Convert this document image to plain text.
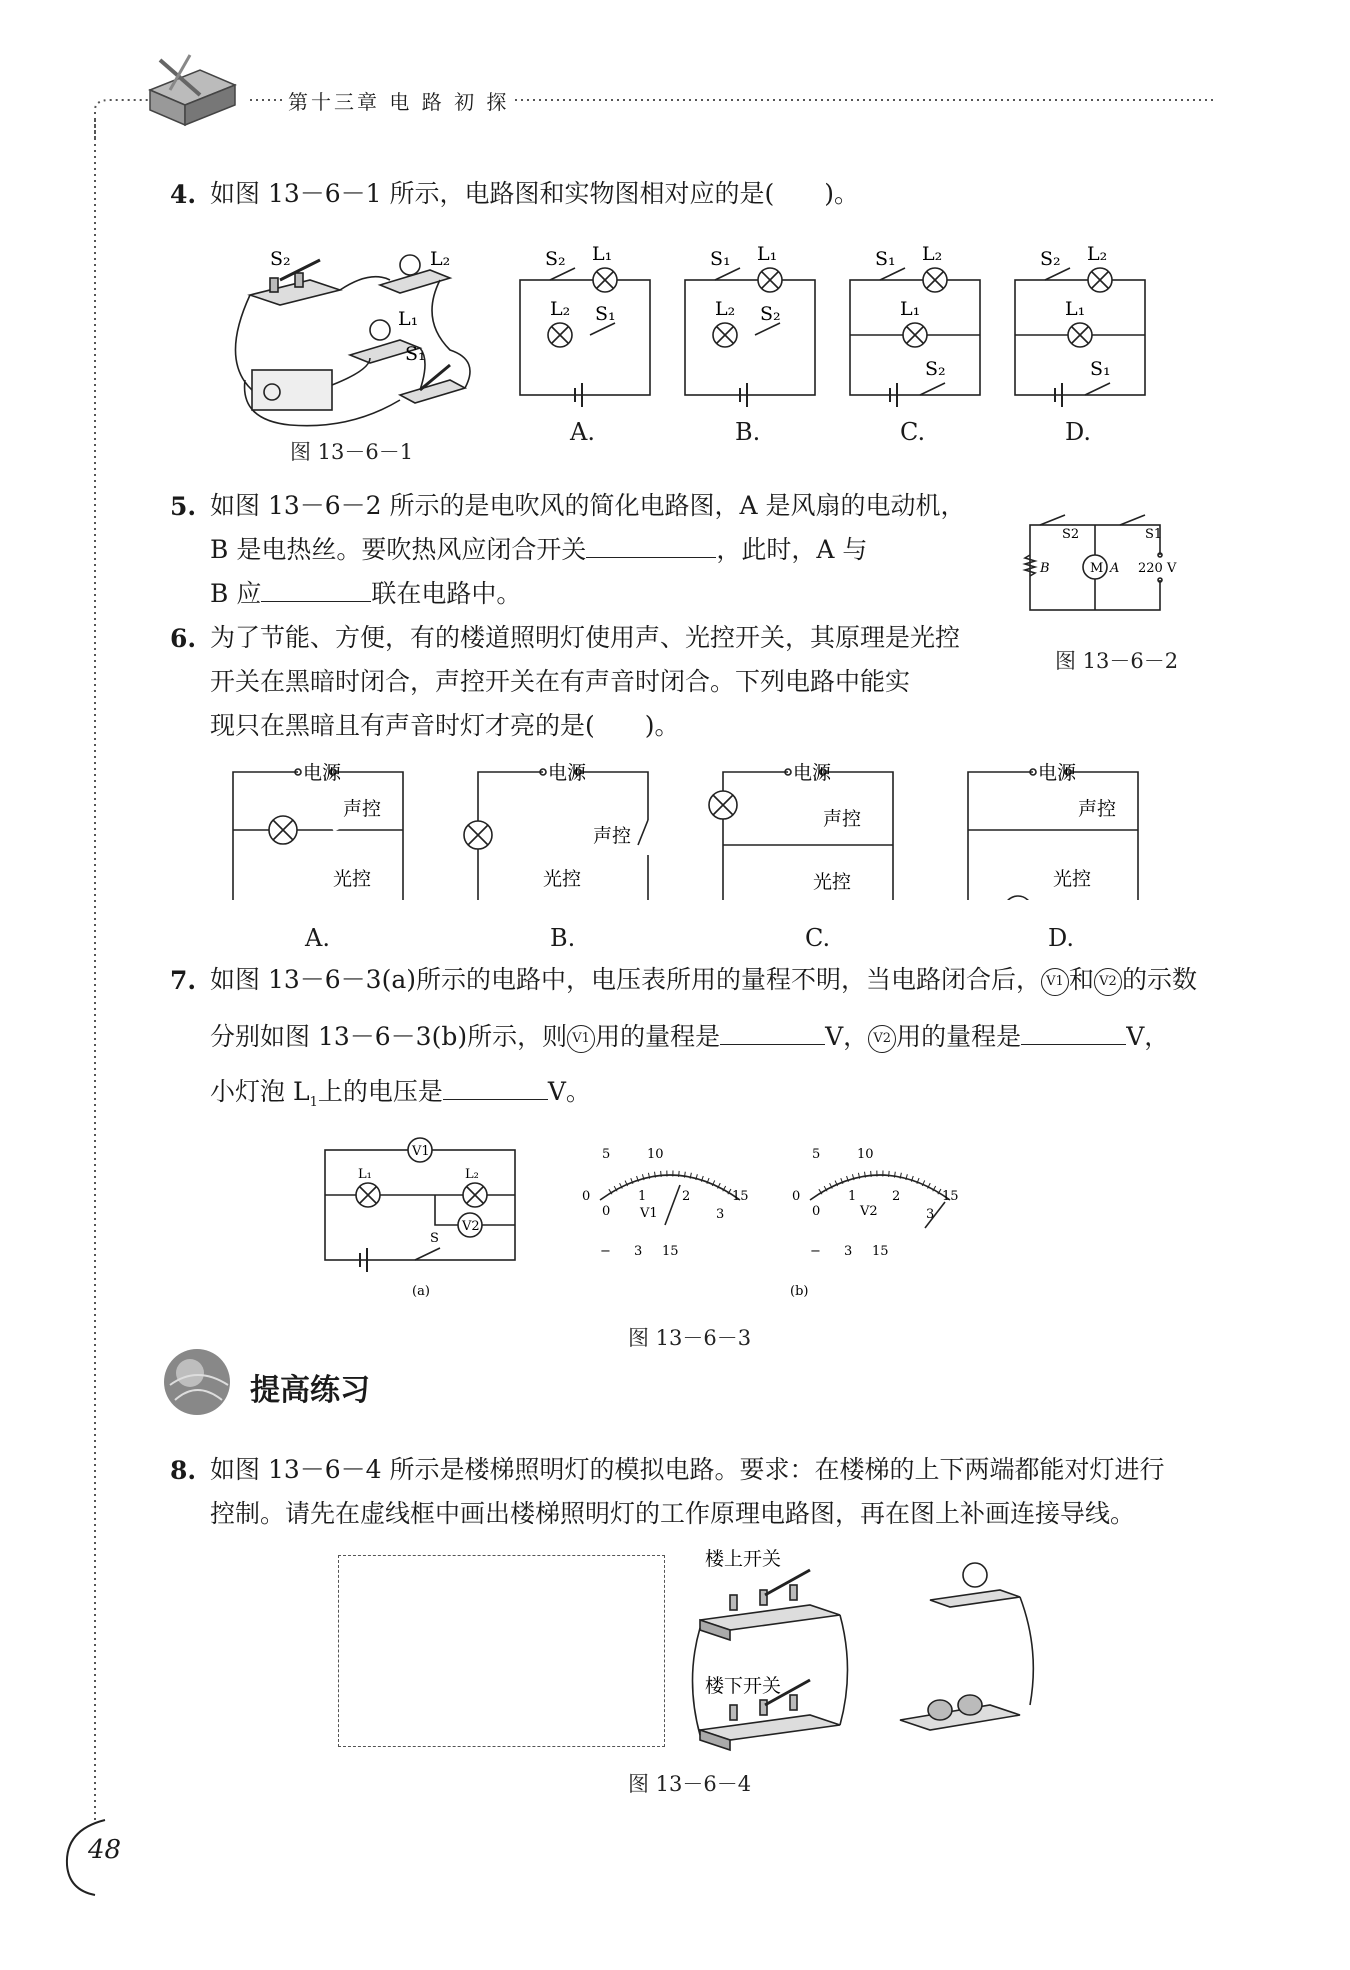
第十三章 电 路 初 探
4. 如图 13－6－1 所示，电路图和实物图相对应的是(　　)。
S₂	L₂
L₁
S₁
S₂ L₁
L₂ S₁
S₁ L₁
L₂ S₂
S₁ L₂
L₁
S₂
S₂ L₂
L₁
S₁
图 13－6－1
A.	B.	C.	D.
5. 如图 13－6－2 所示的是电吹风的简化电路图，A 是风扇的电动机，
B 是电热丝。要吹热风应闭合开关	，此时，A 与
B 应	联在电路中。
S2	S1
B	M A 220 V
图 13－6－2
6. 为了节能、方便，有的楼道照明灯使用声、光控开关，其原理是光控
开关在黑暗时闭合，声控开关在有声音时闭合。下列电路中能实
现只在黑暗且有声音时灯才亮的是(　　)。
电源
声控
光控
电源
声控
光控
电源
声控
光控
电源
声控
光控
A.	B.	C.	D.
7. 如图 13－6－3(a)所示的电路中，电压表所用的量程不明，当电路闭合后， V1 和 V2 的示数
分别如图 13－6－3(b)所示，则 V1 用的量程是	V， V2 用的量程是	V，
小灯泡 $L_1$上的电压是	V。
V1
V2
L₁	L₂
S
5	10
0	15
0
1	2
3
V1
− 3 15
5	10
0	15
0
1	2
3
V2
− 3 15
(a)	(b)
图 13－6－3
提高练习
8. 如图 13－6－4 所示是楼梯照明灯的模拟电路。要求：在楼梯的上下两端都能对灯进行
控制。请先在虚线框中画出楼梯照明灯的工作原理电路图，再在图上补画连接导线。
楼上开关
楼下开关
图 13－6－4
48
